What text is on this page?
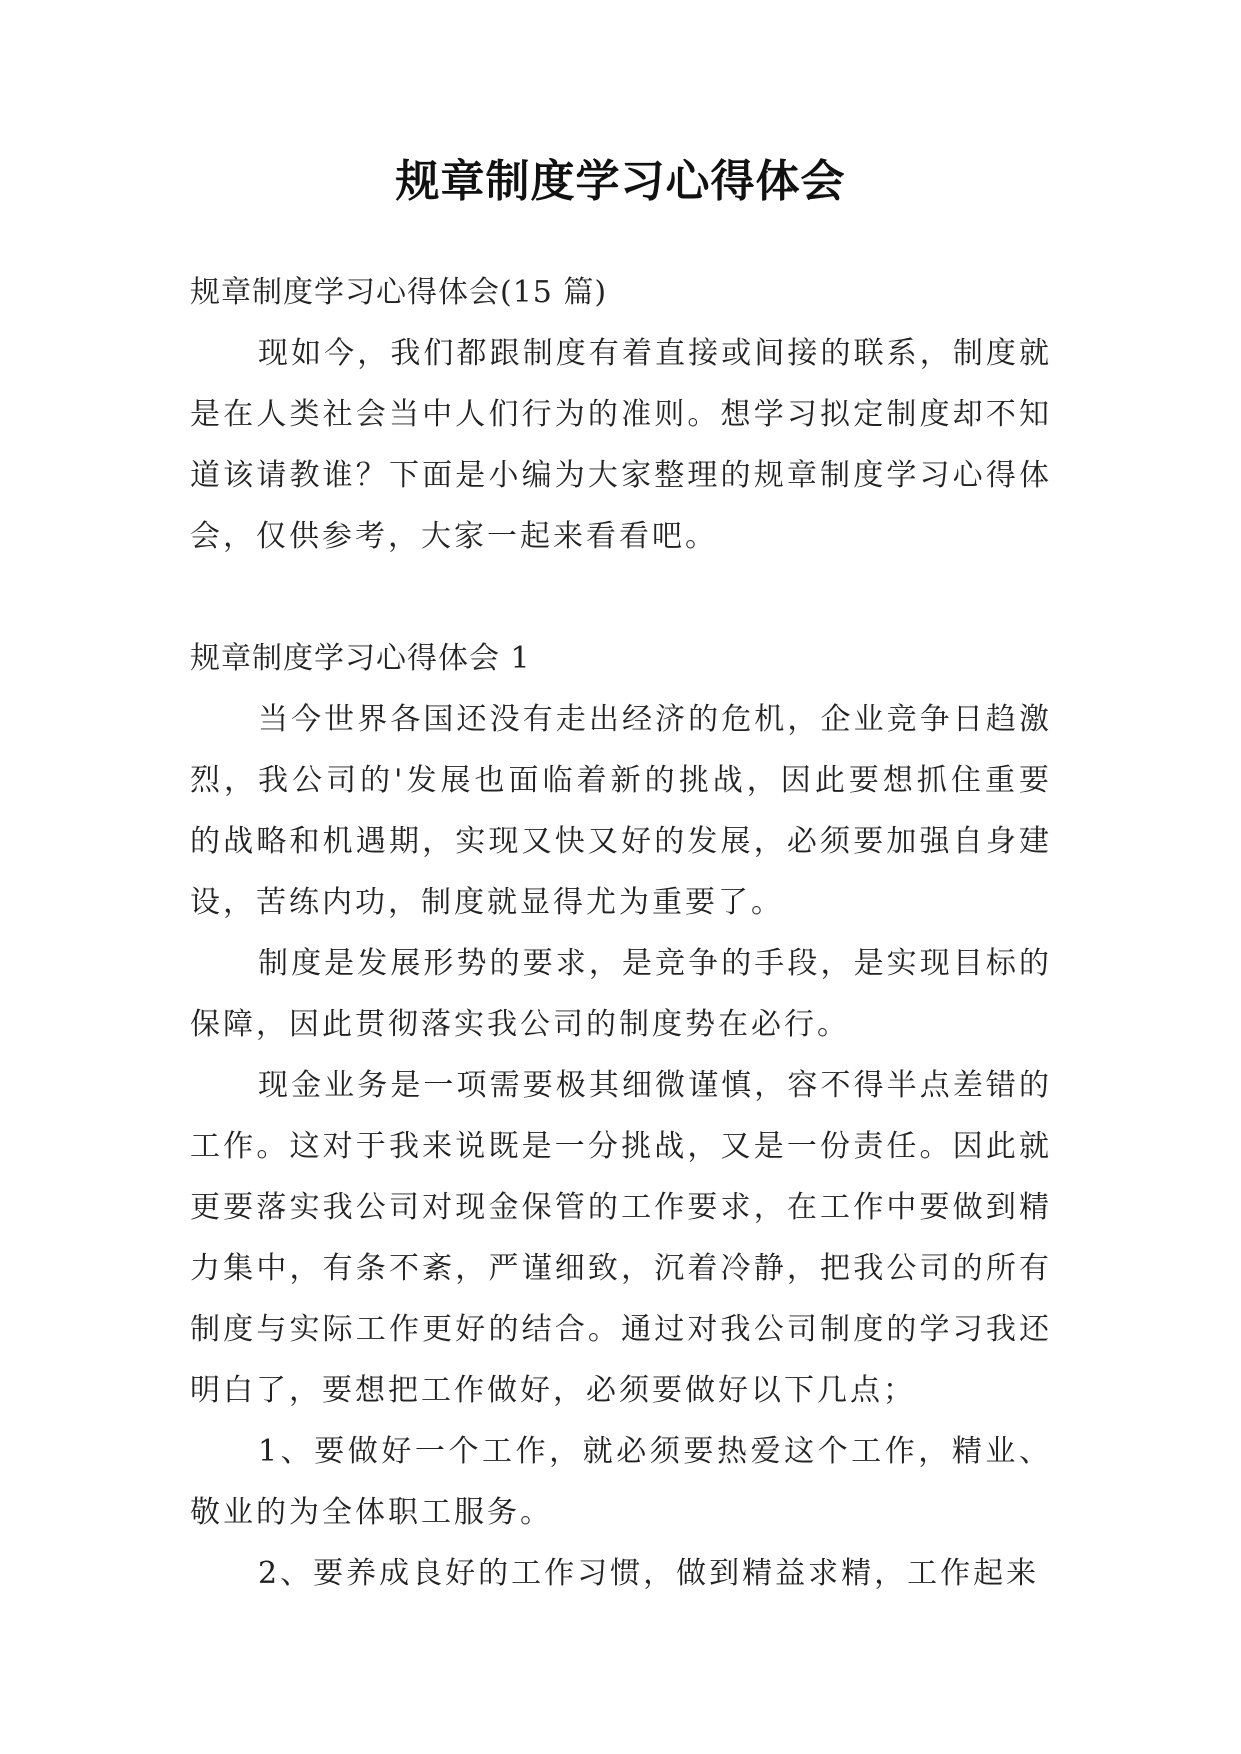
规章制度学习心得体会

规章制度学习心得体会(15 篇)

现如今，我们都跟制度有着直接或间接的联系，制度就是在人类社会当中人们行为的准则。想学习拟定制度却不知道该请教谁？下面是小编为大家整理的规章制度学习心得体会，仅供参考，大家一起来看看吧。

规章制度学习心得体会 1

当今世界各国还没有走出经济的危机，企业竞争日趋激烈，我公司的'发展也面临着新的挑战，因此要想抓住重要的战略和机遇期，实现又快又好的发展，必须要加强自身建设，苦练内功，制度就显得尤为重要了。

制度是发展形势的要求，是竞争的手段，是实现目标的保障，因此贯彻落实我公司的制度势在必行。

现金业务是一项需要极其细微谨慎，容不得半点差错的工作。这对于我来说既是一分挑战，又是一份责任。因此就更要落实我公司对现金保管的工作要求，在工作中要做到精力集中，有条不紊，严谨细致，沉着冷静，把我公司的所有制度与实际工作更好的结合。通过对我公司制度的学习我还明白了，要想把工作做好，必须要做好以下几点；

1、要做好一个工作，就必须要热爱这个工作，精业、敬业的为全体职工服务。

2、要养成良好的工作习惯，做到精益求精，工作起来
